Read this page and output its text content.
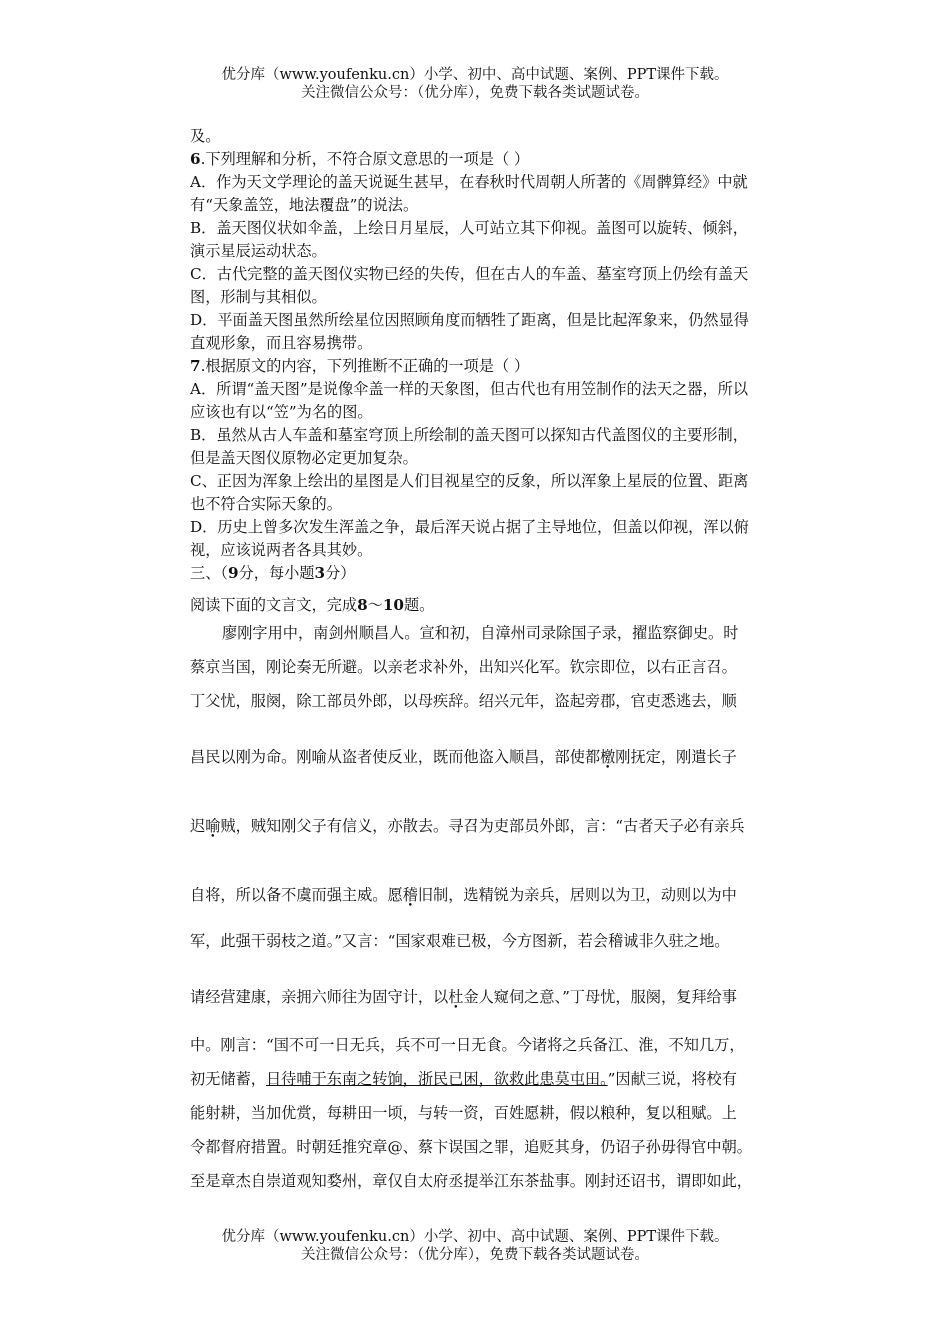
优分库（www.youfenku.cn）小学、初中、高中试题、案例、PPT课件下载。
关注微信公众号：（优分库），免费下载各类试题试卷。

及。

6.下列理解和分析，不符合原文意思的一项是（ ）

A．作为天文学理论的盖天说诞生甚早，在春秋时代周朝人所著的《周髀算经》中就

有“天象盖笠，地法覆盘”的说法。

B．盖天图仪状如伞盖，上绘日月星辰，人可站立其下仰视。盖图可以旋转、倾斜，

演示星辰运动状态。

C．古代完整的盖天图仪实物已经的失传，但在古人的车盖、墓室穹顶上仍绘有盖天

图，形制与其相似。

D．平面盖天图虽然所绘星位因照顾角度而牺牲了距离，但是比起浑象来，仍然显得

直观形象，而且容易携带。

7.根据原文的内容，下列推断不正确的一项是（ ）

A．所谓“盖天图”是说像伞盖一样的天象图，但古代也有用笠制作的法天之器，所以

应该也有以“笠”为名的图。

B．虽然从古人车盖和墓室穹顶上所绘制的盖天图可以探知古代盖图仪的主要形制，

但是盖天图仪原物必定更加复杂。

C、正因为浑象上绘出的星图是人们目视星空的反象，所以浑象上星辰的位置、距离

也不符合实际天象的。

D．历史上曾多次发生浑盖之争，最后浑天说占据了主导地位，但盖以仰视，浑以俯

视，应该说两者各具其妙。

三、（9分，每小题3分）

阅读下面的文言文，完成8～10题。

廖刚字用中，南剑州顺昌人。宣和初，自漳州司录除国子录，擢监察御史。时

蔡京当国，刚论奏无所避。以亲老求补外，出知兴化军。钦宗即位，以右正言召。

丁父忧，服阕，除工部员外郎，以母疾辞。绍兴元年，盗起旁郡，官吏悉逃去，顺

昌民以刚为命。刚喻从盗者使反业，既而他盗入顺昌，部使都檄刚抚定，刚遣长子

迟喻贼，贼知刚父子有信义，亦散去。寻召为吏部员外郎，言：“古者天子必有亲兵

自将，所以备不虞而强主威。愿稽旧制，选精锐为亲兵，居则以为卫，动则以为中

军，此强干弱枝之道。”又言：“国家艰难已极，今方图新，若会稽诚非久驻之地。

请经营建康，亲拥六师往为固守计，以杜金人窥伺之意、”丁母忧，服阕，复拜给事

中。刚言：“国不可一日无兵，兵不可一日无食。今诸将之兵备江、淮，不知几万，

初无储蓄，日待哺于东南之转饷，浙民已困，欲救此患莫屯田。”因献三说，将校有

能射耕，当加优赏，每耕田一顷，与转一资，百姓愿耕，假以粮种，复以租赋。上

令都督府措置。时朝廷推究章@、蔡卞误国之罪，追贬其身，仍诏子孙毋得官中朝。

至是章杰自崇道观知婺州，章仅自太府丞提举江东茶盐事。刚封还诏书，谓即如此，

优分库（www.youfenku.cn）小学、初中、高中试题、案例、PPT课件下载。
关注微信公众号：（优分库），免费下载各类试题试卷。
